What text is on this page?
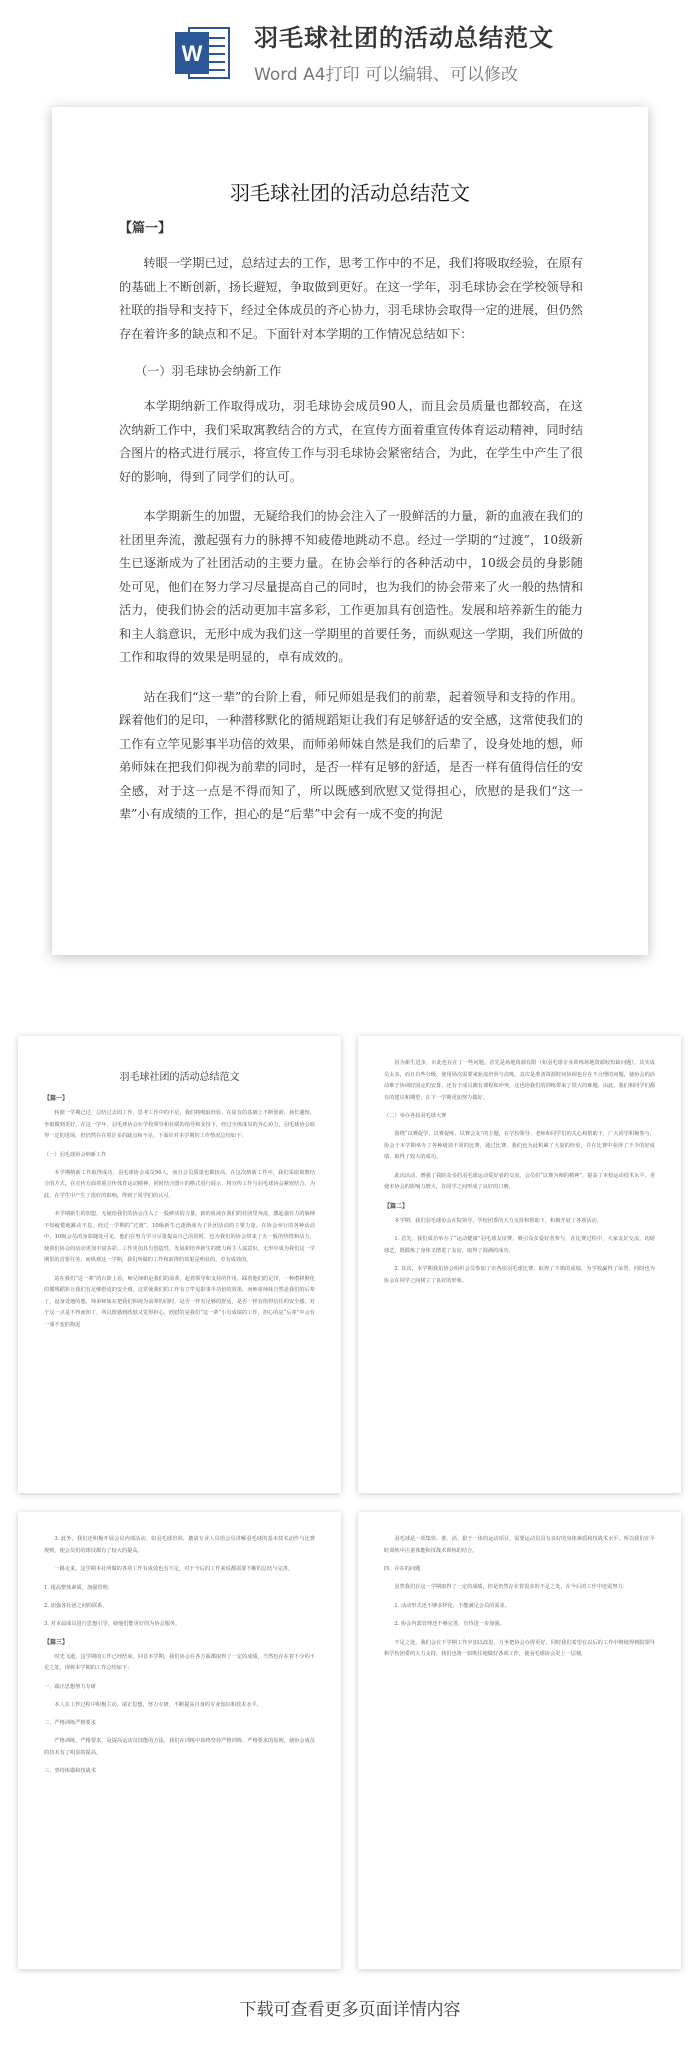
W
羽毛球社团的活动总结范文
Word A4打印 可以编辑、可以修改
羽毛球社团的活动总结范文
【篇一】

转眼一学期已过，总结过去的工作，思考工作中的不足，我们将吸取经验，在原有的基础上不断创新，扬长避短，争取做到更好。在这一学年，羽毛球协会在学校领导和社联的指导和支持下，经过全体成员的齐心协力，羽毛球协会取得一定的进展，但仍然存在着许多的缺点和不足。下面针对本学期的工作情况总结如下：

（一）羽毛球协会纳新工作

本学期纳新工作取得成功，羽毛球协会成员90人，而且会员质量也都较高，在这次纳新工作中，我们采取寓教结合的方式，在宣传方面着重宣传体育运动精神，同时结合图片的格式进行展示，将宣传工作与羽毛球协会紧密结合，为此，在学生中产生了很好的影响，得到了同学们的认可。

本学期新生的加盟，无疑给我们的协会注入了一股鲜活的力量，新的血液在我们的社团里奔流，激起强有力的脉搏不知疲倦地跳动不息。经过一学期的“过渡”，10级新生已逐渐成为了社团活动的主要力量。在协会举行的各种活动中，10级会员的身影随处可见，他们在努力学习尽量提高自己的同时，也为我们的协会带来了火一般的热情和活力，使我们协会的活动更加丰富多彩，工作更加具有创造性。发展和培养新生的能力和主人翁意识，无形中成为我们这一学期里的首要任务，而纵观这一学期，我们所做的工作和取得的效果是明显的，卓有成效的。

站在我们“这一辈”的台阶上看，师兄师姐是我们的前辈，起着领导和支持的作用。踩着他们的足印，一种潜移默化的循规蹈矩让我们有足够舒适的安全感，这常使我们的工作有立竿见影事半功倍的效果，而师弟师妹自然是我们的后辈了，设身处地的想，师弟师妹在把我们仰视为前辈的同时，是否一样有足够的舒适，是否一样有值得信任的安全感，对于这一点是不得而知了，所以既感到欣慰又觉得担心，欣慰的是我们“这一辈”小有成绩的工作，担心的是“后辈”中会有一成不变的拘泥

羽毛球社团的活动总结范文
【篇一】

转眼一学期已过，总结过去的工作，思考工作中的不足，我们将吸取经验，在原有的基础上不断创新，扬长避短，争取做到更好。在这一学年，羽毛球协会在学校领导和社联的指导和支持下，经过全体成员的齐心协力，羽毛球协会取得一定的进展，但仍然存在着许多的缺点和不足。下面针对本学期的工作情况总结如下：

（一）羽毛球协会纳新工作

本学期纳新工作取得成功，羽毛球协会成员90人，而且会员质量也都较高，在这次纳新工作中，我们采取寓教结合的方式，在宣传方面着重宣传体育运动精神，同时结合图片的格式进行展示，将宣传工作与羽毛球协会紧密结合，为此，在学生中产生了很好的影响，得到了同学们的认可。

本学期新生的加盟，无疑给我们的协会注入了一股鲜活的力量，新的血液在我们的社团里奔流，激起强有力的脉搏不知疲倦地跳动不息。经过一学期的“过渡”，10级新生已逐渐成为了社团活动的主要力量。在协会举行的各种活动中，10级会员的身影随处可见，他们在努力学习尽量提高自己的同时，也为我们的协会带来了火一般的热情和活力，使我们协会的活动更加丰富多彩，工作更加具有创造性。发展和培养新生的能力和主人翁意识，无形中成为我们这一学期里的首要任务，而纵观这一学期，我们所做的工作和取得的效果是明显的，卓有成效的。

站在我们“这一辈”的台阶上看，师兄师姐是我们的前辈，起着领导和支持的作用。踩着他们的足印，一种潜移默化的循规蹈矩让我们有足够舒适的安全感，这常使我们的工作有立竿见影事半功倍的效果，而师弟师妹自然是我们的后辈了，设身处地的想，师弟师妹在把我们仰视为前辈的同时，是否一样有足够的舒适，是否一样有值得信任的安全感，对于这一点是不得而知了，所以既感到欣慰又觉得担心，欣慰的是我们“这一辈”小有成绩的工作，担心的是“后辈”中会有一成不变的拘泥

因为新生进步，市此也存在了一些问题。首先是场地资源有限（如羽毛球专业训练场地资源较短缺问题），其实成员太多，而且有些分级，使用场次需要来轮流培训与次练。其次是准备资源时间协调也存在不合理的问题，使协会的活动难于协调好固定的安排，还有个成员都有课程和冲突，这也给我们的训练带来了很大的难题。由此，我们和同学们都有的建议和期望，在下一学期更加努力做好。

（二）举办各届羽毛球大赛

围绕“以赛促学、以赛促练、以赛会友”的主题，在学校领导、老师和同学们的关心和帮助下，广大同学积极参与，协会于本学期举办了各种级别不同的比赛，通过比赛，我们也为此积累了大量的经验，并在比赛中获得了不少的好成绩，取得了较大的成功。

此次活动，增强了我院众多的羽毛球运动爱好者的交流，会员们“以赛为师的精神”，提高了本校运动技术水平，更使本协会的影响力增大，在同学之间形成了良好的口碑。

【篇二】

本学期，我们羽毛球协会在院领导、学校团委的大力支持和帮助下，积极开展了各项活动。

1. 首先，我们成功举办了“运动健康”羽毛球友谊赛，吸引众多爱好者参与，在比赛过程中，大家友好交流，切磋球艺，既锻炼了身体又增进了友谊，取得了圆满的成功。

2. 其次，本学期我们协会组织会员参加了市各项羽毛球比赛，取得了不错的成绩，为学校赢得了荣誉，同时也为协会在同学之间树立了良好的形象。

3. 此外，我们还积极开展会员内部活动，如羽毛球培训，邀请专业人员给会员讲解羽毛球的基本技术动作与比赛规则，使会员们的球技都有了较大的提高。

一路走来，这学期本社所做的各项工作有成效也有不足，对于今后的工作来说都需要不断的总结与完善。

1. 提高整体素质，加强管理。
2. 加强各社团之间的联系。
3. 对本届成员进行思想引导，使他们能更好的为协会服务。
【篇三】

时光飞逝，这学期的工作已经结束。回首本学期，我们协会在各方面都取得了一定的成绩，当然也存在着不少的不足之处，现将本学期的工作总结如下：

一、端正思想努力专研

本人在工作过程中积极主动，端正思想，努力专研，不断提高自身的专业知识和技术水平。

二、严格训练严格要求

严格训练，严格要求，是提高运动员技能的方法，我们在训练中始终坚持严格训练、严格要求的原则，使协会成员的技术有了明显的提高。

三、坚持体锻和技战术

羽毛球是一项集快、准、活、狠于一体的运动项目，需要运动员具有良好的身体素质和技战术水平，所以我们在平时训练中注重体能和技战术训练的结合。

四、存在的问题

虽然我们在这一学期取得了一定的成绩，但是仍然存在着很多的不足之处，在今后的工作中还需努力：

1. 活动形式还不够多样化，不能满足会员的需求。

2. 协会内部管理还不够完善，有待进一步加强。

不足之处，我们会在下学期工作中加以改进，力争把协会办得更好。同时我们希望在以后的工作中继续得到院领导和学校团委的大力支持，我们也将一如既往地做好各项工作，使羽毛球协会更上一层楼。

下载可查看更多页面详情内容
